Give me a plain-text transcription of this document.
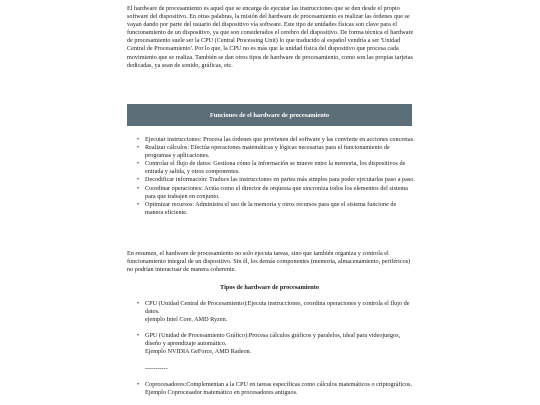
El hardware de procesamiento es aquel que se encarga de ejecutar las instrucciones que se den desde el propio software del dispositivo. En otras palabras, la misión del hardware de procesamiento es realizar las órdenes que se vayan dando por parte del usuario del dispositivo vía software. Este tipo de unidades físicas son clave para el funcionamiento de un dispositivo, ya que son considerados el cerebro del dispositivo. De forma técnica el hardware de procesamiento suele ser la CPU (Central Processing Unit) lo que traducido al español vendría a ser 'Unidad Central de Procesamiento'. Por lo que, la CPU no es más que la unidad física del dispositivo que procesa cada movimiento que se realiza. También se dan otros tipos de hardware de procesamiento, como son las propias tarjetas dedicadas, ya sean de sonido, gráficas, etc.

Funciones de el hardware de procesamiento
• Ejecutar instrucciones: Procesa las órdenes que provienen del software y las convierte en acciones concretas.
• Realizar cálculos: Efectúa operaciones matemáticas y lógicas necesarias para el funcionamiento de programas y aplicaciones.
• Controlar el flujo de datos: Gestiona cómo la información se mueve entre la memoria, los dispositivos de entrada y salida, y otros componentes.
• Decodificar información: Traduce las instrucciones en partes más simples para poder ejecutarlas paso a paso.
• Coordinar operaciones: Actúa como el director de orquesta que sincroniza todos los elementos del sistema para que trabajen en conjunto.
• Optimizar recursos: Administra el uso de la memoria y otros recursos para que el sistema funcione de manera eficiente.

En resumen, el hardware de procesamiento no solo ejecuta tareas, sino que también organiza y controla el funcionamiento integral de un dispositivo. Sin él, los demás componentes (memoria, almacenamiento, periféricos) no podrían interactuar de manera coherente.

Tipos de hardware de procesamiento
• CPU (Unidad Central de Procesamiento):Ejecuta instrucciones, coordina operaciones y controla el flujo de datos.
ejemplo Intel Core, AMD Ryzen.
• GPU (Unidad de Procesamiento Gráfico):Procesa cálculos gráficos y paralelos, ideal para videojuegos, diseño y aprendizaje automático.
Ejemplo NVIDIA GeForce, AMD Radeon.
-----------
• Coprocesadores:Complementan a la CPU en tareas específicas como cálculos matemáticos o criptográficos.
Ejemplo Coprocesador matemático en procesadores antiguos.
